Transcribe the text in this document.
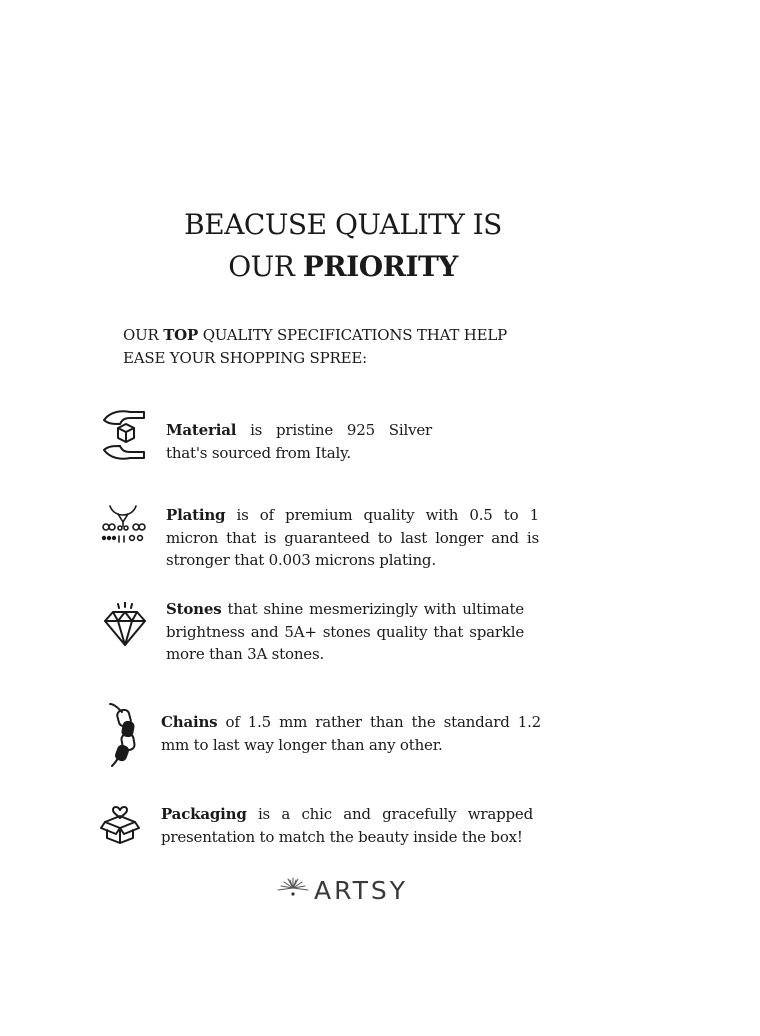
BEACUSE QUALITY IS
OUR PRIORITY
OUR TOP QUALITY SPECIFICATIONS THAT HELP EASE YOUR SHOPPING SPREE:
Material is pristine 925 Silver that's sourced from Italy.
Plating is of premium quality with 0.5 to 1 micron that is guaranteed to last longer and is stronger that 0.003 microns plating.
Stones that shine mesmerizingly with ultimate brightness and 5A+ stones quality that sparkle more than 3A stones.
Chains of 1.5 mm rather than the standard 1.2 mm to last way longer than any other.
Packaging is a chic and gracefully wrapped presentation to match the beauty inside the box!
ARTSY
